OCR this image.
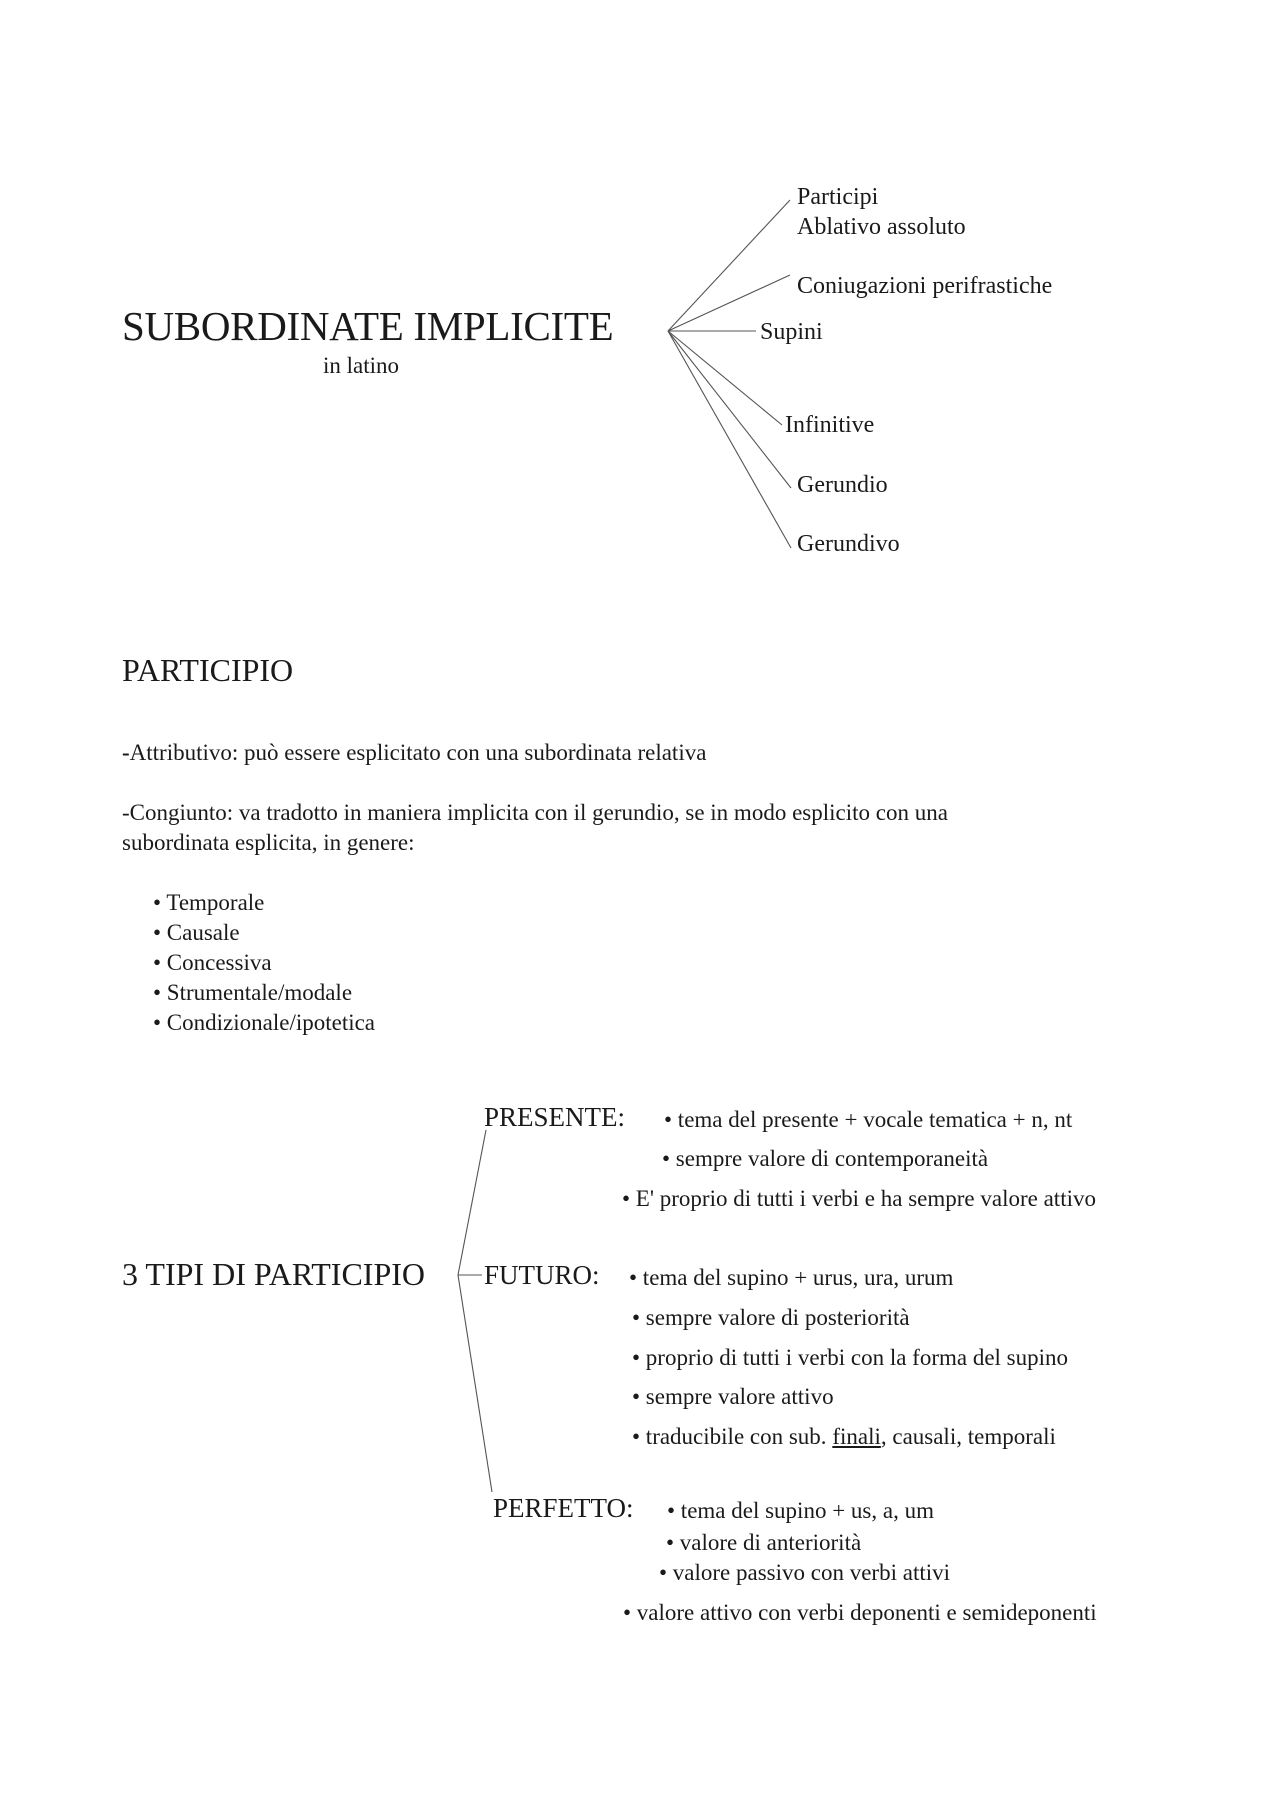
SUBORDINATE IMPLICITE
in latino
Participi
Ablativo assoluto
Coniugazioni perifrastiche
Supini
Infinitive
Gerundio
Gerundivo
PARTICIPIO
-Attributivo: può essere esplicitato con una subordinata relativa
-Congiunto: va tradotto in maniera implicita con il gerundio, se in modo esplicito con una
subordinata esplicita, in genere:
• Temporale
• Causale
• Concessiva
• Strumentale/modale
• Condizionale/ipotetica
3 TIPI DI PARTICIPIO
PRESENTE: • tema del presente + vocale tematica + n, nt
• sempre valore di contemporaneità
• E' proprio di tutti i verbi e ha sempre valore attivo
FUTURO: • tema del supino + urus, ura, urum
• sempre valore di posteriorità
• proprio di tutti i verbi con la forma del supino
• sempre valore attivo
• traducibile con sub. finali, causali, temporali
PERFETTO: • tema del supino + us, a, um
• valore di anteriorità
• valore passivo con verbi attivi
• valore attivo con verbi deponenti e semideponenti
